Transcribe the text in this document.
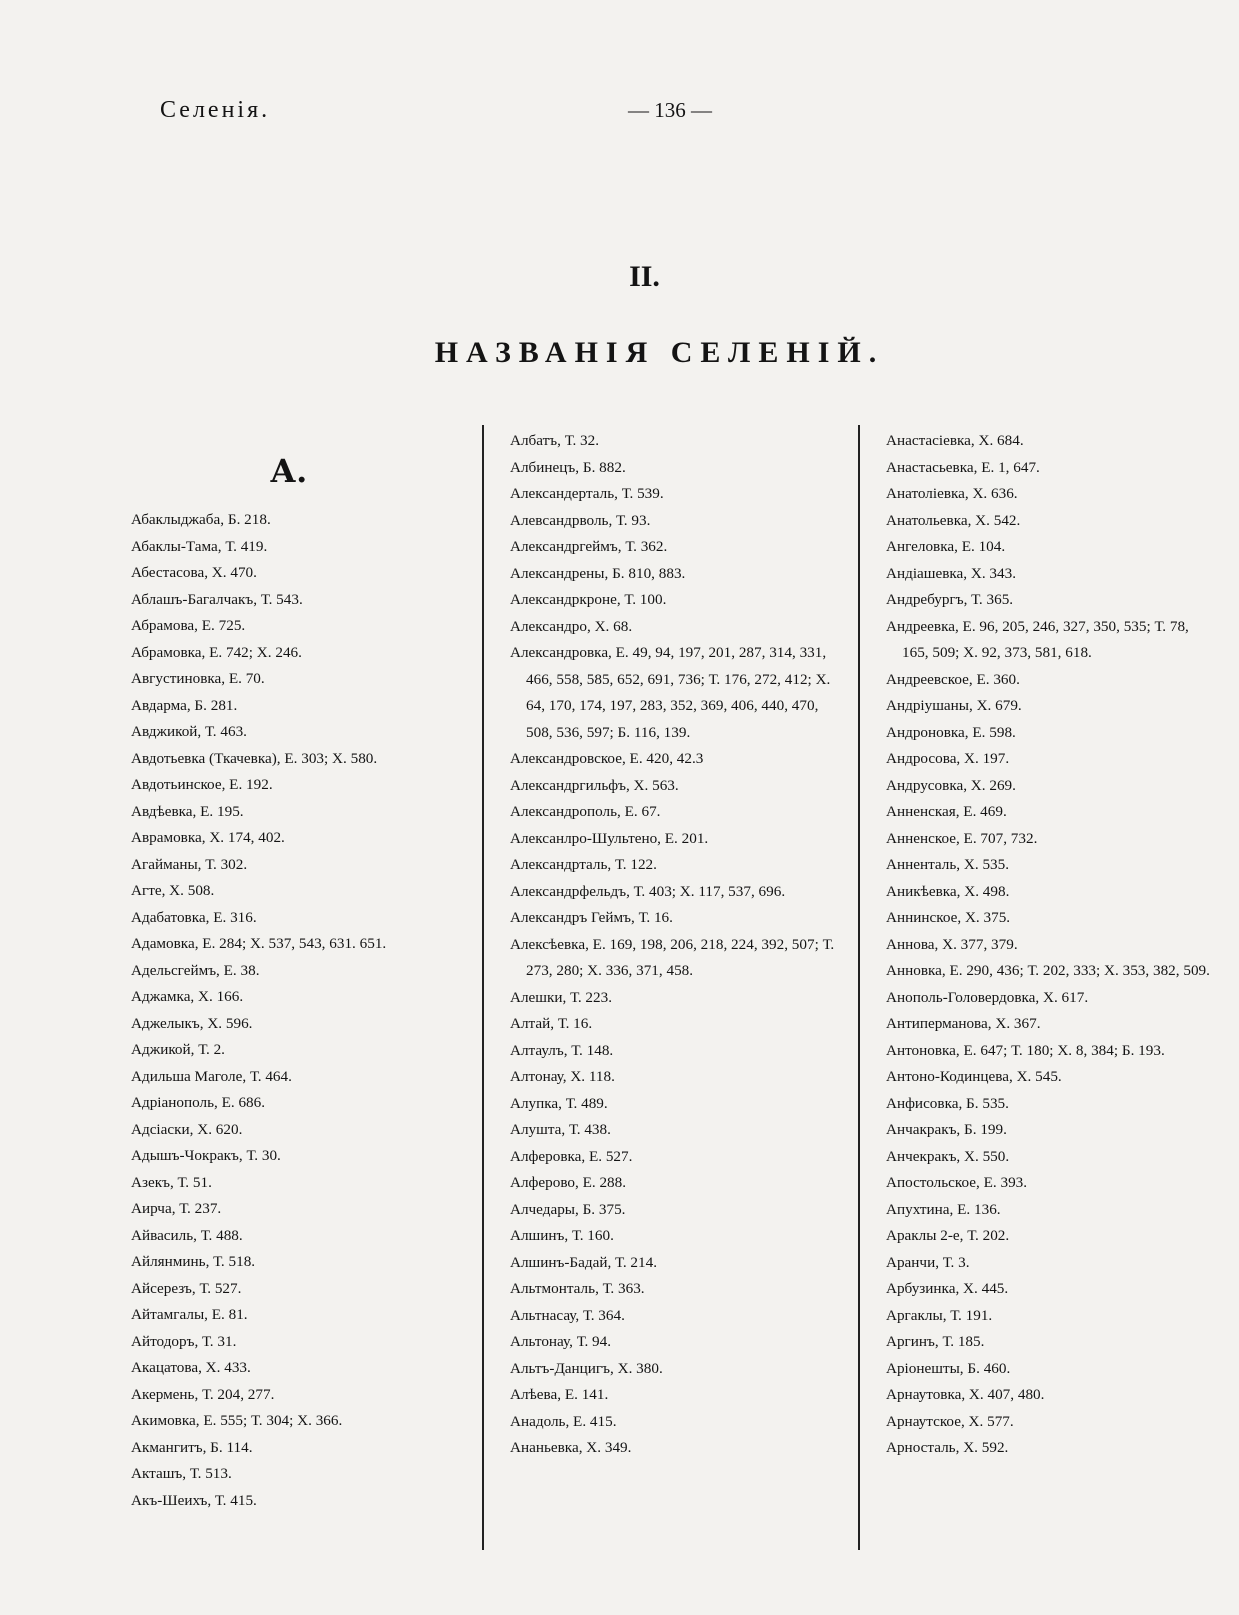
Селенія.	— 136 —
II.
НАЗВАНІЯ СЕЛЕНІЙ.
А.
Абаклыджаба, Б. 218.
Абаклы-Тама, Т. 419.
Абестасова, Х. 470.
Аблашъ-Багалчакъ, Т. 543.
Абрамова, Е. 725.
Абрамовка, Е. 742; Х. 246.
Августиновка, Е. 70.
Авдарма, Б. 281.
Авджикой, Т. 463.
Авдотьевка (Ткачевка), Е. 303; Х. 580.
Авдотьинское, Е. 192.
Авдѣевка, Е. 195.
Аврамовка, Х. 174, 402.
Агайманы, Т. 302.
Агте, Х. 508.
Адабатовка, Е. 316.
Адамовка, Е. 284; Х. 537, 543, 631. 651.
Адельсгеймъ, Е. 38.
Аджамка, Х. 166.
Аджелыкъ, Х. 596.
Аджикой, Т. 2.
Адильша Маголе, Т. 464.
Адріанополь, Е. 686.
Адсіаски, Х. 620.
Адышъ-Чокракъ, Т. 30.
Азекъ, Т. 51.
Аирча, Т. 237.
Айвасиль, Т. 488.
Айлянминь, Т. 518.
Айсерезъ, Т. 527.
Айтамгалы, Е. 81.
Айтодоръ, Т. 31.
Акацатова, Х. 433.
Акермень, Т. 204, 277.
Акимовка, Е. 555; Т. 304; Х. 366.
Акмангитъ, Б. 114.
Акташъ, Т. 513.
Акъ-Шеихъ, Т. 415.
Албатъ, Т. 32.
Албинецъ, Б. 882.
Александерталь, Т. 539.
Алевсандрволь, Т. 93.
Александргеймъ, Т. 362.
Александрены, Б. 810, 883.
Александркроне, Т. 100.
Александро, Х. 68.
Александровка, Е. 49, 94, 197, 201, 287, 314, 331, 466, 558, 585, 652, 691, 736; Т. 176, 272, 412; Х. 64, 170, 174, 197, 283, 352, 369, 406, 440, 470, 508, 536, 597; Б. 116, 139.
Александровское, Е. 420, 42.3
Александргильфъ, Х. 563.
Александрополь, Е. 67.
Алексанлро-Шультено, Е. 201.
Александрталь, Т. 122.
Александрфельдъ, Т. 403; Х. 117, 537, 696.
Александръ Геймъ, Т. 16.
Алексѣевка, Е. 169, 198, 206, 218, 224, 392, 507; Т. 273, 280; Х. 336, 371, 458.
Алешки, Т. 223.
Алтай, Т. 16.
Алтаулъ, Т. 148.
Алтонау, Х. 118.
Алупка, Т. 489.
Алушта, Т. 438.
Алферовка, Е. 527.
Алферово, Е. 288.
Алчедары, Б. 375.
Алшинъ, Т. 160.
Алшинъ-Бадай, Т. 214.
Альтмонталь, Т. 363.
Альтнасау, Т. 364.
Альтонау, Т. 94.
Альтъ-Данцигъ, Х. 380.
Алѣева, Е. 141.
Анадоль, Е. 415.
Ананьевка, Х. 349.
Анастасіевка, Х. 684.
Анастасьевка, Е. 1, 647.
Анатоліевка, Х. 636.
Анатольевка, Х. 542.
Ангеловка, Е. 104.
Андіашевка, Х. 343.
Андребургъ, Т. 365.
Андреевка, Е. 96, 205, 246, 327, 350, 535; Т. 78, 165, 509; Х. 92, 373, 581, 618.
Андреевское, Е. 360.
Андріушаны, Х. 679.
Андроновка, Е. 598.
Андросова, Х. 197.
Андрусовка, Х. 269.
Анненская, Е. 469.
Анненское, Е. 707, 732.
Анненталь, Х. 535.
Аникѣевка, Х. 498.
Аннинское, Х. 375.
Аннова, Х. 377, 379.
Анновка, Е. 290, 436; Т. 202, 333; Х. 353, 382, 509.
Анополь-Головердовка, Х. 617.
Антиперманова, Х. 367.
Антоновка, Е. 647; Т. 180; Х. 8, 384; Б. 193.
Антоно-Кодинцева, Х. 545.
Анфисовка, Б. 535.
Анчакракъ, Б. 199.
Анчекракъ, Х. 550.
Апостольское, Е. 393.
Апухтина, Е. 136.
Араклы 2-е, Т. 202.
Аранчи, Т. 3.
Арбузинка, Х. 445.
Аргаклы, Т. 191.
Аргинъ, Т. 185.
Аріонешты, Б. 460.
Арнаутовка, Х. 407, 480.
Арнаутское, Х. 577.
Арносталь, Х. 592.
